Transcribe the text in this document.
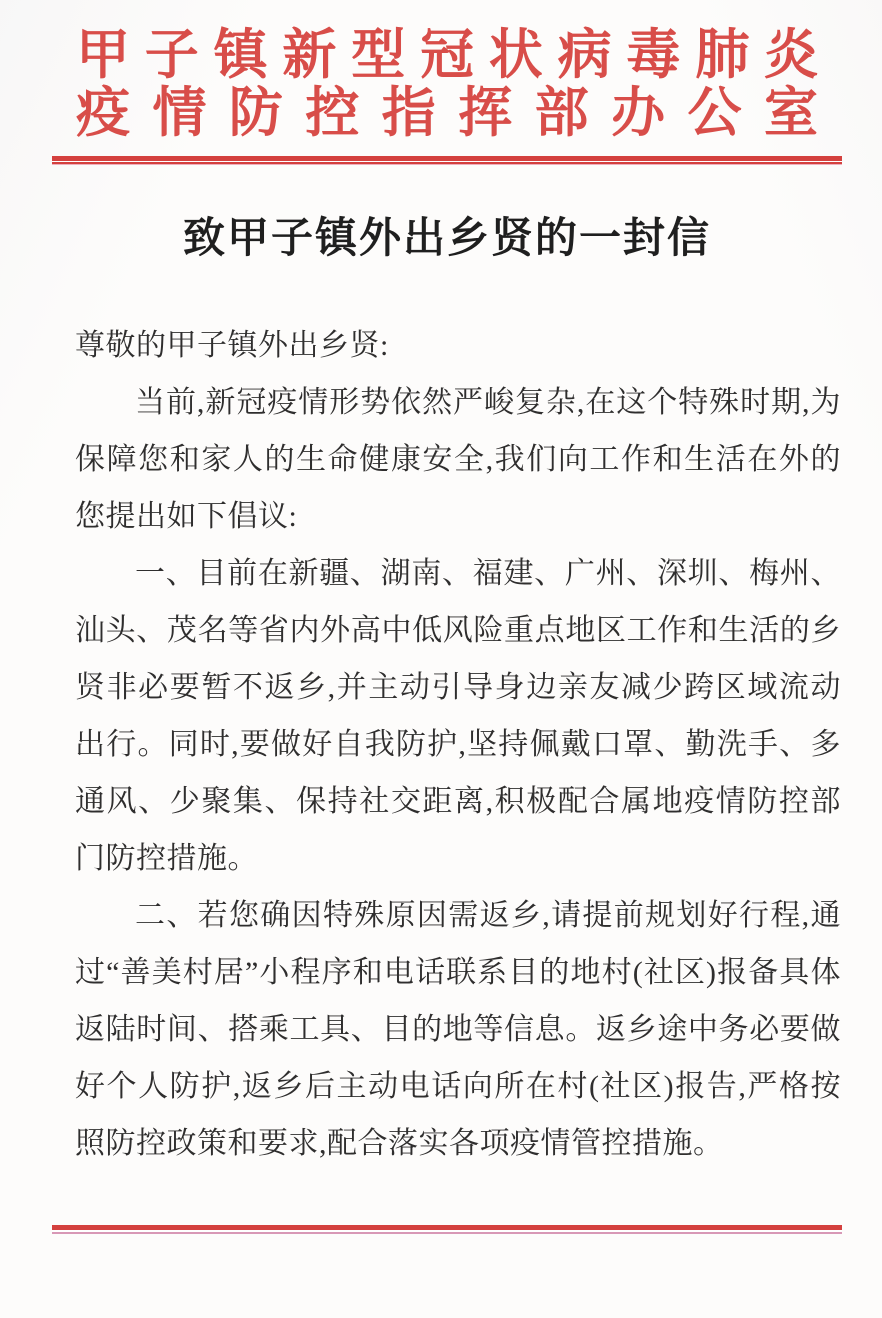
甲子镇新型冠状病毒肺炎
疫情防控指挥部办公室
致甲子镇外出乡贤的一封信

尊敬的甲子镇外出乡贤:

当前,新冠疫情形势依然严峻复杂,在这个特殊时期,为保障您和家人的生命健康安全,我们向工作和生活在外的您提出如下倡议:

一、目前在新疆、湖南、福建、广州、深圳、梅州、汕头、茂名等省内外高中低风险重点地区工作和生活的乡贤非必要暂不返乡,并主动引导身边亲友减少跨区域流动出行。同时,要做好自我防护,坚持佩戴口罩、勤洗手、多通风、少聚集、保持社交距离,积极配合属地疫情防控部门防控措施。

二、若您确因特殊原因需返乡,请提前规划好行程,通过“善美村居”小程序和电话联系目的地村(社区)报备具体返陆时间、搭乘工具、目的地等信息。返乡途中务必要做好个人防护,返乡后主动电话向所在村(社区)报告,严格按照防控政策和要求,配合落实各项疫情管控措施。
